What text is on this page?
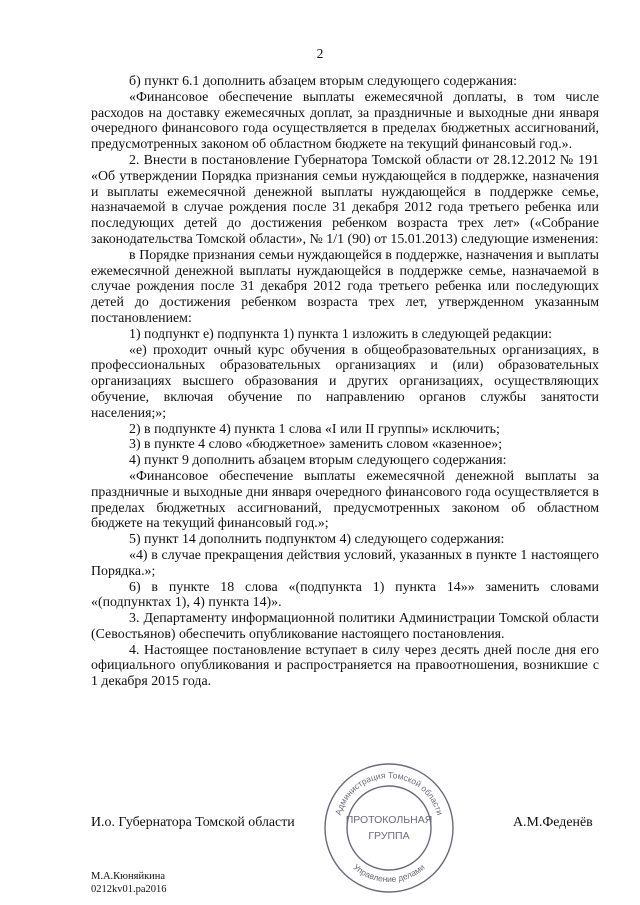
2

б) пункт 6.1 дополнить абзацем вторым следующего содержания:

«Финансовое обеспечение выплаты ежемесячной доплаты, в том числе расходов на доставку ежемесячных доплат, за праздничные и выходные дни января очередного финансового года осуществляется в пределах бюджетных ассигнований, предусмотренных законом об областном бюджете на текущий финансовый год.».

2. Внести в постановление Губернатора Томской области от 28.12.2012 № 191 «Об утверждении Порядка признания семьи нуждающейся в поддержке, назначения и выплаты ежемесячной денежной выплаты нуждающейся в поддержке семье, назначаемой в случае рождения после 31 декабря 2012 года третьего ребенка или последующих детей до достижения ребенком возраста трех лет» («Собрание законодательства Томской области», № 1/1 (90) от 15.01.2013) следующие изменения:

в Порядке признания семьи нуждающейся в поддержке, назначения и выплаты ежемесячной денежной выплаты нуждающейся в поддержке семье, назначаемой в случае рождения после 31 декабря 2012 года третьего ребенка или последующих детей до достижения ребенком возраста трех лет, утвержденном указанным постановлением:

1) подпункт е) подпункта 1) пункта 1 изложить в следующей редакции:

«е) проходит очный курс обучения в общеобразовательных организациях, в профессиональных образовательных организациях и (или) образовательных организациях высшего образования и других организациях, осуществляющих обучение, включая обучение по направлению органов службы занятости населения;»;

2) в подпункте 4) пункта 1 слова «I или II группы» исключить;

3) в пункте 4 слово «бюджетное» заменить словом «казенное»;

4) пункт 9 дополнить абзацем вторым следующего содержания:

«Финансовое обеспечение выплаты ежемесячной денежной выплаты за праздничные и выходные дни января очередного финансового года осуществляется в пределах бюджетных ассигнований, предусмотренных законом об областном бюджете на текущий финансовый год.»;

5) пункт 14 дополнить подпунктом 4) следующего содержания:

«4) в случае прекращения действия условий, указанных в пункте 1 настоящего Порядка.»;

6) в пункте 18 слова «(подпункта 1) пункта 14»» заменить словами «(подпунктах 1), 4) пункта 14)».

3. Департаменту информационной политики Администрации Томской области (Севостьянов) обеспечить опубликование настоящего постановления.

4. Настоящее постановление вступает в силу через десять дней после дня его официального опубликования и распространяется на правоотношения, возникшие с 1 декабря 2015 года.

И.о. Губернатора Томской области	А.М.Феденёв
Администрация Томской области
Управление делами
ПРОТОКОЛЬНАЯ
ГРУППА
М.А.Кюняйкина
0212kv01.pa2016
